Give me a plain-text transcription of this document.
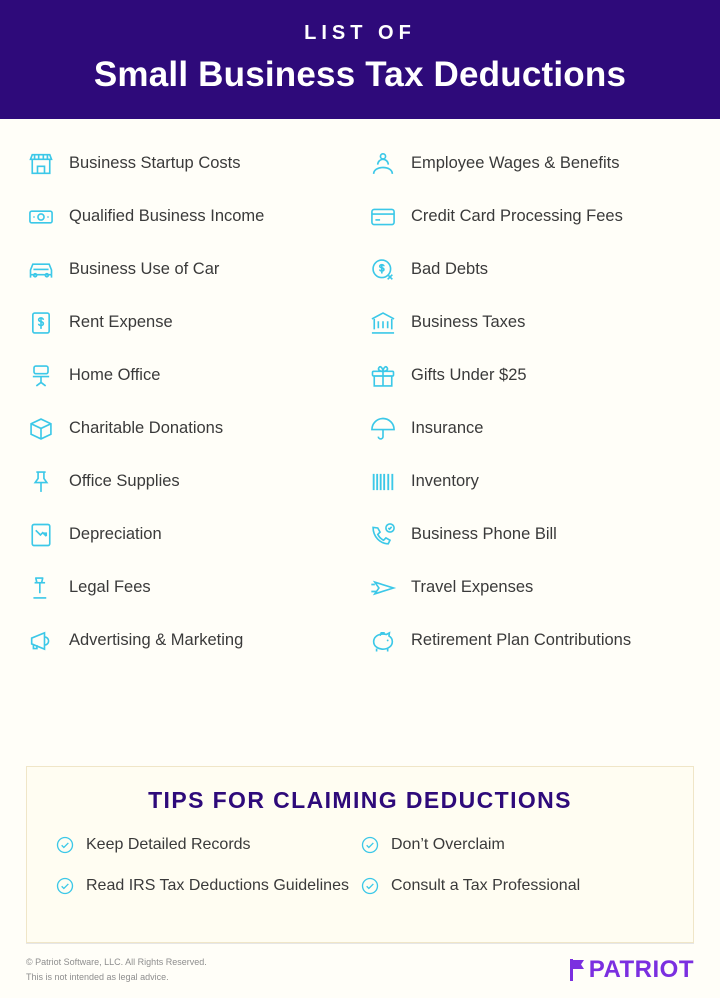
LIST OF
Small Business Tax Deductions
Business Startup Costs
Qualified Business Income
Business Use of Car
Rent Expense
Home Office
Charitable Donations
Office Supplies
Depreciation
Legal Fees
Advertising & Marketing
Employee Wages & Benefits
Credit Card Processing Fees
Bad Debts
Business Taxes
Gifts Under $25
Insurance
Inventory
Business Phone Bill
Travel Expenses
Retirement Plan Contributions
TIPS FOR CLAIMING DEDUCTIONS
Keep Detailed Records	Don’t Overclaim
Read IRS Tax Deductions Guidelines	Consult a Tax Professional
© Patriot Software, LLC. All Rights Reserved.
This is not intended as legal advice.	PATRIOT
